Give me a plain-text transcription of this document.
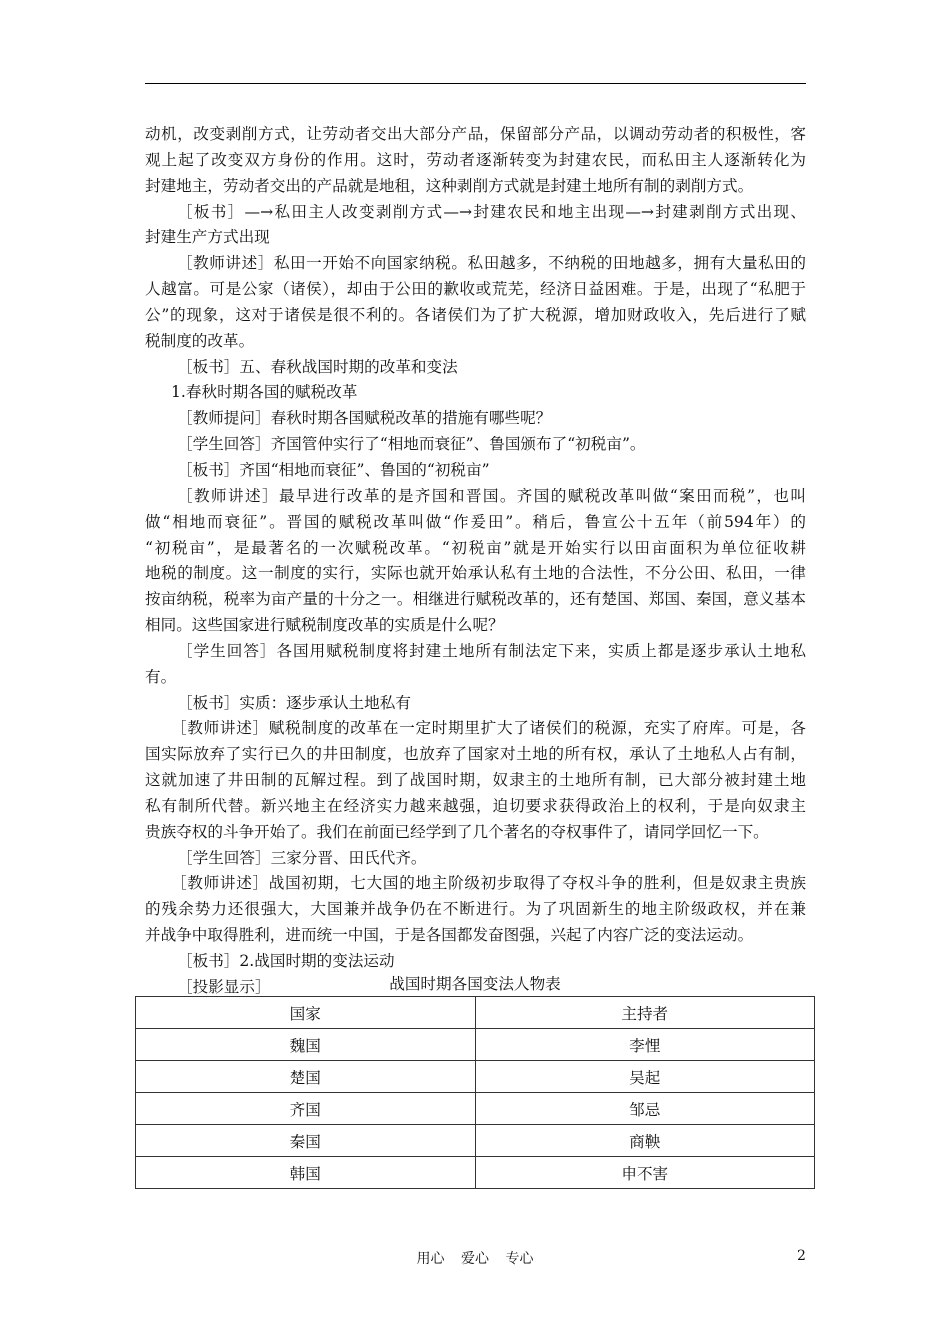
动机，改变剥削方式，让劳动者交出大部分产品，保留部分产品，以调动劳动者的积极性，客
观上起了改变双方身份的作用。这时，劳动者逐渐转变为封建农民，而私田主人逐渐转化为
封建地主，劳动者交出的产品就是地租，这种剥削方式就是封建土地所有制的剥削方式。
［板书］—→私田主人改变剥削方式—→封建农民和地主出现—→封建剥削方式出现、
封建生产方式出现
［教师讲述］私田一开始不向国家纳税。私田越多，不纳税的田地越多，拥有大量私田的
人越富。可是公家（诸侯），却由于公田的歉收或荒芜，经济日益困难。于是，出现了“私肥于
公”的现象，这对于诸侯是很不利的。各诸侯们为了扩大税源，增加财政收入，先后进行了赋
税制度的改革。
［板书］五、春秋战国时期的改革和变法
1.春秋时期各国的赋税改革
［教师提问］春秋时期各国赋税改革的措施有哪些呢？
［学生回答］齐国管仲实行了“相地而衰征”、鲁国颁布了“初税亩”。
［板书］齐国“相地而衰征”、鲁国的“初税亩”
［教师讲述］最早进行改革的是齐国和晋国。齐国的赋税改革叫做“案田而税”，也叫
做“相地而衰征”。晋国的赋税改革叫做“作爰田”。稍后，鲁宣公十五年（前594年）的
“初税亩”，是最著名的一次赋税改革。“初税亩”就是开始实行以田亩面积为单位征收耕
地税的制度。这一制度的实行，实际也就开始承认私有土地的合法性，不分公田、私田，一律
按亩纳税，税率为亩产量的十分之一。相继进行赋税改革的，还有楚国、郑国、秦国，意义基本
相同。这些国家进行赋税制度改革的实质是什么呢？
［学生回答］各国用赋税制度将封建土地所有制法定下来，实质上都是逐步承认土地私
有。
［板书］实质：逐步承认土地私有
［教师讲述］赋税制度的改革在一定时期里扩大了诸侯们的税源，充实了府库。可是，各
国实际放弃了实行已久的井田制度，也放弃了国家对土地的所有权，承认了土地私人占有制，
这就加速了井田制的瓦解过程。到了战国时期，奴隶主的土地所有制，已大部分被封建土地
私有制所代替。新兴地主在经济实力越来越强，迫切要求获得政治上的权利，于是向奴隶主
贵族夺权的斗争开始了。我们在前面已经学到了几个著名的夺权事件了，请同学回忆一下。
［学生回答］三家分晋、田氏代齐。
［教师讲述］战国初期，七大国的地主阶级初步取得了夺权斗争的胜利，但是奴隶主贵族
的残余势力还很强大，大国兼并战争仍在不断进行。为了巩固新生的地主阶级政权，并在兼
并战争中取得胜利，进而统一中国，于是各国都发奋图强，兴起了内容广泛的变法运动。
［板书］2.战国时期的变法运动
［投影显示］	战国时期各国变法人物表
国家	主持者
魏国	李悝
楚国	吴起
齐国	邹忌
秦国	商鞅
韩国	申不害
用心 爱心 专心	2
